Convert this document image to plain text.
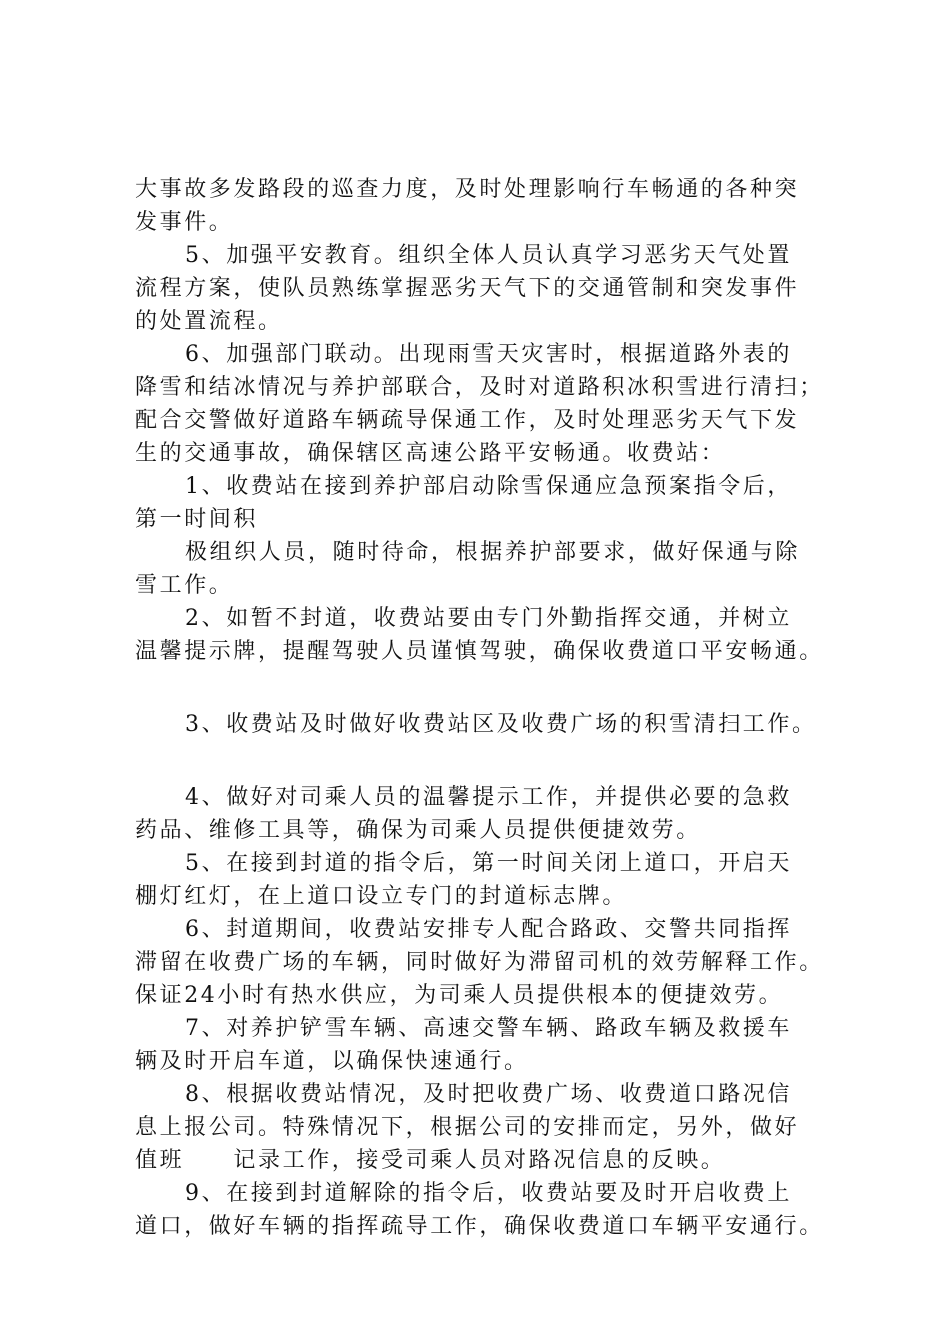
大事故多发路段的巡查力度，及时处理影响行车畅通的各种突
发事件。
5、加强平安教育。组织全体人员认真学习恶劣天气处置
流程方案，使队员熟练掌握恶劣天气下的交通管制和突发事件
的处置流程。
6、加强部门联动。出现雨雪天灾害时，根据道路外表的
降雪和结冰情况与养护部联合，及时对道路积冰积雪进行清扫；
配合交警做好道路车辆疏导保通工作，及时处理恶劣天气下发
生的交通事故，确保辖区高速公路平安畅通。收费站：
1、收费站在接到养护部启动除雪保通应急预案指令后，
第一时间积
极组织人员，随时待命，根据养护部要求，做好保通与除
雪工作。
2、如暂不封道，收费站要由专门外勤指挥交通，并树立
温馨提示牌，提醒驾驶人员谨慎驾驶，确保收费道口平安畅通。
3、收费站及时做好收费站区及收费广场的积雪清扫工作。
4、做好对司乘人员的温馨提示工作，并提供必要的急救
药品、维修工具等，确保为司乘人员提供便捷效劳。
5、在接到封道的指令后，第一时间关闭上道口，开启天
棚灯红灯，在上道口设立专门的封道标志牌。
6、封道期间，收费站安排专人配合路政、交警共同指挥
滞留在收费广场的车辆，同时做好为滞留司机的效劳解释工作。
保证24小时有热水供应，为司乘人员提供根本的便捷效劳。
7、对养护铲雪车辆、高速交警车辆、路政车辆及救援车
辆及时开启车道，以确保快速通行。
8、根据收费站情况，及时把收费广场、收费道口路况信
息上报公司。特殊情况下，根据公司的安排而定，另外，做好
值班　　记录工作，接受司乘人员对路况信息的反映。
9、在接到封道解除的指令后，收费站要及时开启收费上
道口，做好车辆的指挥疏导工作，确保收费道口车辆平安通行。
